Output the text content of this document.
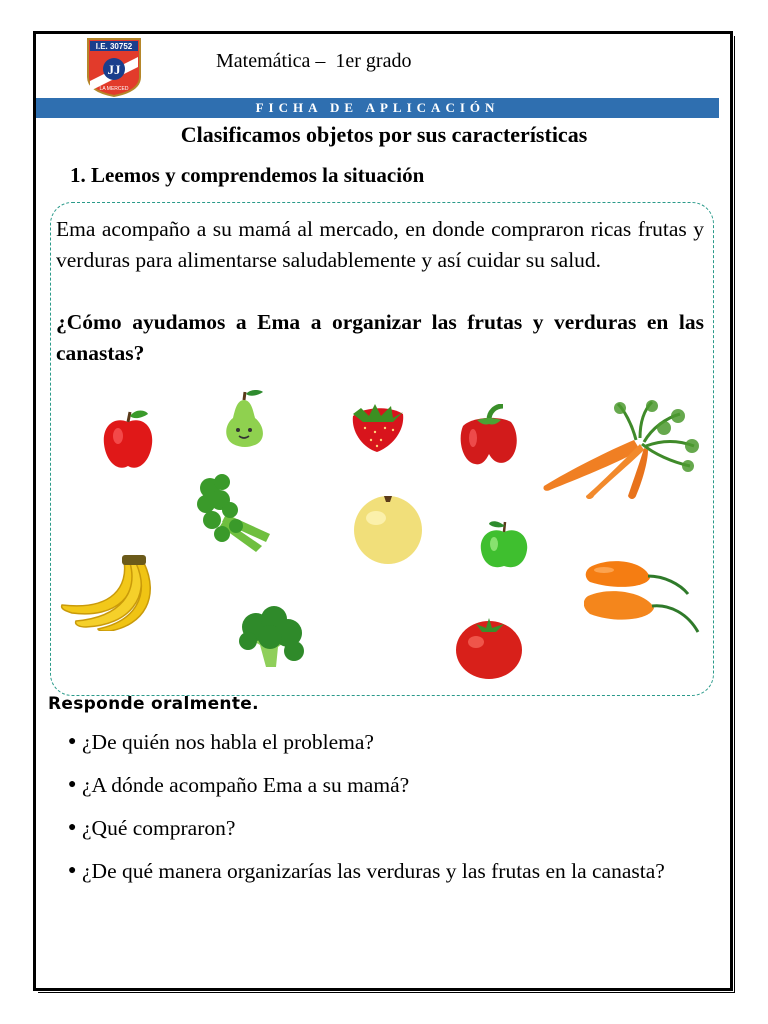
I.E. 30752
JJ
LA MERCED
Matemática –  1er grado
FICHA DE APLICACIÓN
Clasificamos objetos por sus características
1. Leemos y comprendemos la situación
Ema acompaño a su mamá al mercado, en donde compraron ricas frutas y verduras para alimentarse saludablemente y así cuidar su salud.
¿Cómo ayudamos a Ema a organizar las frutas y verduras en las canastas?
Responde oralmente.
● ¿De quién nos habla el problema?
● ¿A dónde acompaño Ema a su mamá?
● ¿Qué compraron?
● ¿De qué manera organizarías las verduras y las frutas en la canasta?
